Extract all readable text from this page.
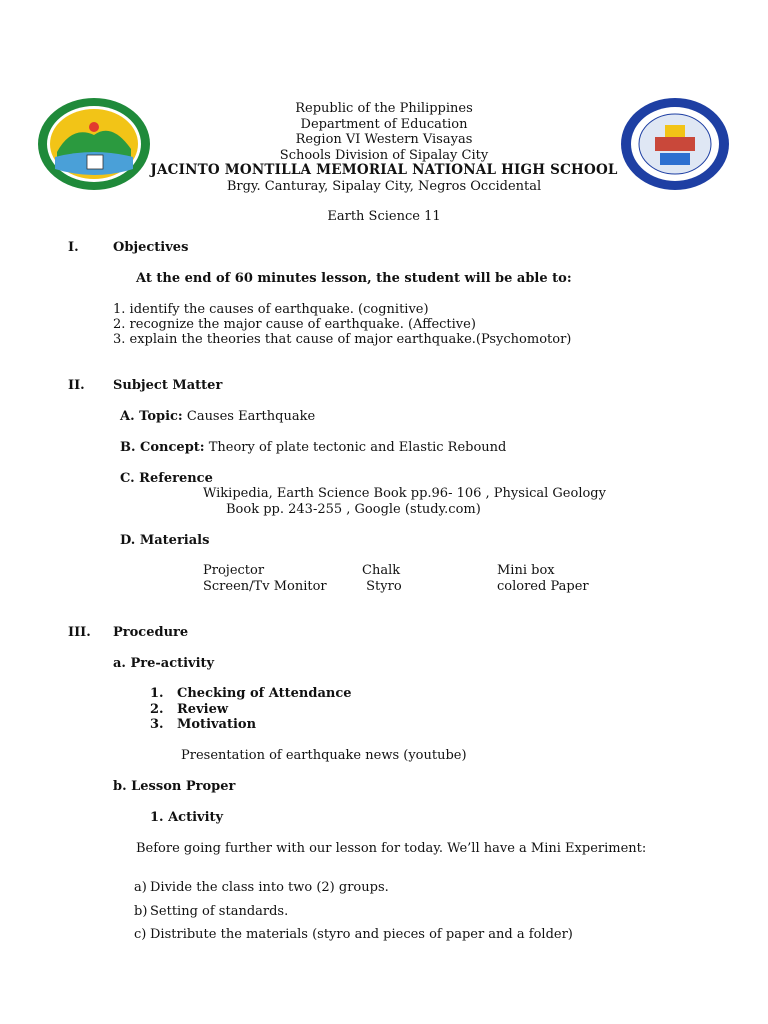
Republic of the Philippines
Department of Education
Region VI Western Visayas
Schools Division of Sipalay City
JACINTO MONTILLA MEMORIAL NATIONAL HIGH SCHOOL
Brgy. Canturay, Sipalay City, Negros Occidental
Earth Science 11
I.	Objectives
At the end of 60 minutes lesson, the student will be able to:
1. identify the causes of earthquake. (cognitive)
2. recognize the major cause of earthquake. (Affective)
3. explain the theories that cause of major earthquake.(Psychomotor)
II. Subject Matter
A. Topic: Causes Earthquake
B. Concept: Theory of plate tectonic and Elastic Rebound
C. Reference
Wikipedia, Earth Science Book pp.96- 106 , Physical Geology
Book pp. 243-255 , Google (study.com)
D. Materials
Projector	Chalk	Mini box
Screen/Tv Monitor	Styro	colored Paper
III. Procedure
a. Pre-activity
1. Checking of Attendance
2. Review
3. Motivation
Presentation of earthquake news (youtube)
b. Lesson Proper
1. Activity
Before going further with our lesson for today. We’ll have a Mini Experiment:
a) Divide the class into two (2) groups.
b) Setting of standards.
c) Distribute the materials (styro and pieces of paper and a folder)
